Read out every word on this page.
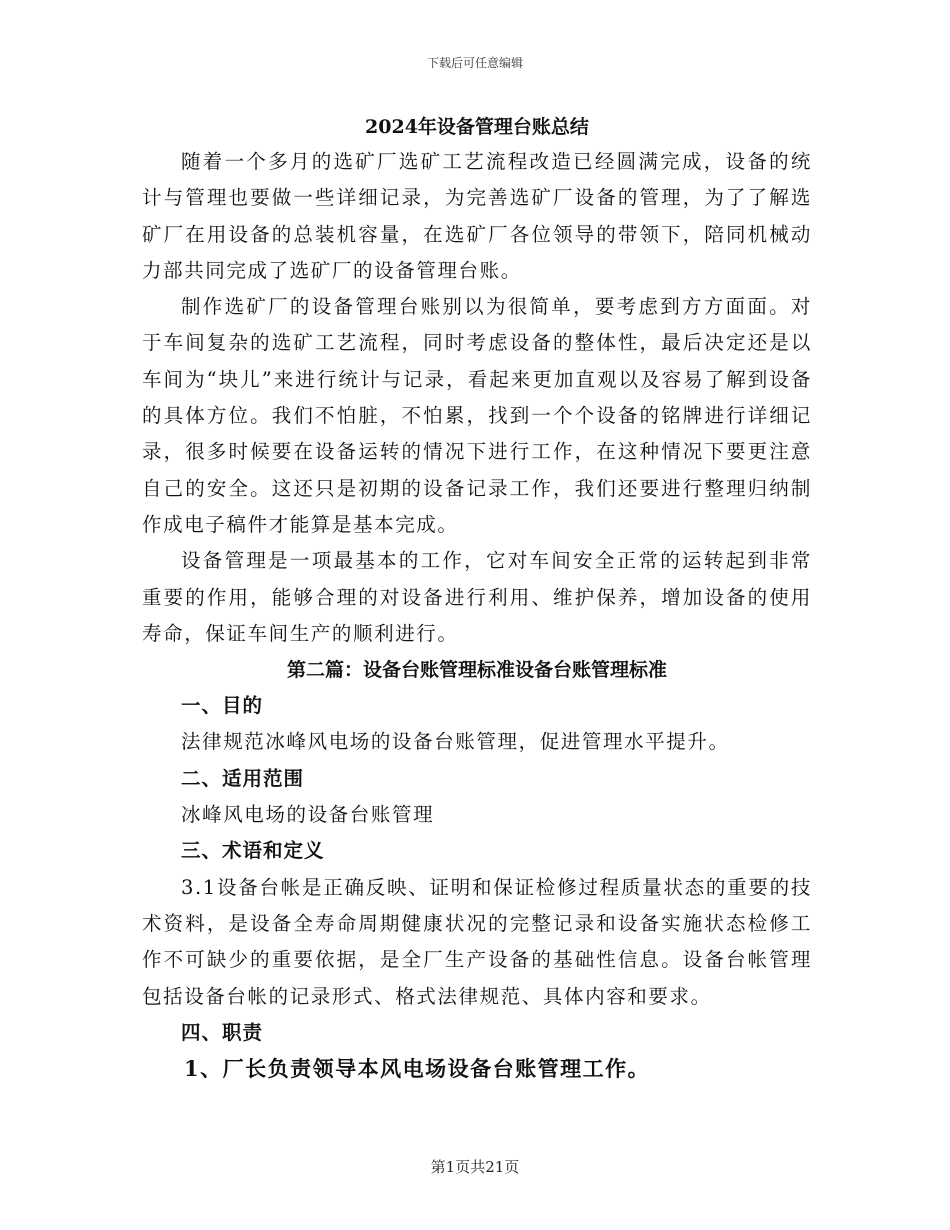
下载后可任意编辑
2024年设备管理台账总结

随着一个多月的选矿厂选矿工艺流程改造已经圆满完成，设备的统计与管理也要做一些详细记录，为完善选矿厂设备的管理，为了了解选矿厂在用设备的总装机容量，在选矿厂各位领导的带领下，陪同机械动力部共同完成了选矿厂的设备管理台账。

制作选矿厂的设备管理台账别以为很简单，要考虑到方方面面。对于车间复杂的选矿工艺流程，同时考虑设备的整体性，最后决定还是以车间为“块儿”来进行统计与记录，看起来更加直观以及容易了解到设备的具体方位。我们不怕脏，不怕累，找到一个个设备的铭牌进行详细记录，很多时候要在设备运转的情况下进行工作，在这种情况下要更注意自己的安全。这还只是初期的设备记录工作，我们还要进行整理归纳制作成电子稿件才能算是基本完成。

设备管理是一项最基本的工作，它对车间安全正常的运转起到非常重要的作用，能够合理的对设备进行利用、维护保养，增加设备的使用寿命，保证车间生产的顺利进行。

第二篇：设备台账管理标准设备台账管理标准
一、目的

法律规范冰峰风电场的设备台账管理，促进管理水平提升。

二、适用范围

冰峰风电场的设备台账管理

三、术语和定义

3.1设备台帐是正确反映、证明和保证检修过程质量状态的重要的技术资料，是设备全寿命周期健康状况的完整记录和设备实施状态检修工作不可缺少的重要依据，是全厂生产设备的基础性信息。设备台帐管理包括设备台帐的记录形式、格式法律规范、具体内容和要求。

四、职责
1、厂长负责领导本风电场设备台账管理工作。
第1页共21页
